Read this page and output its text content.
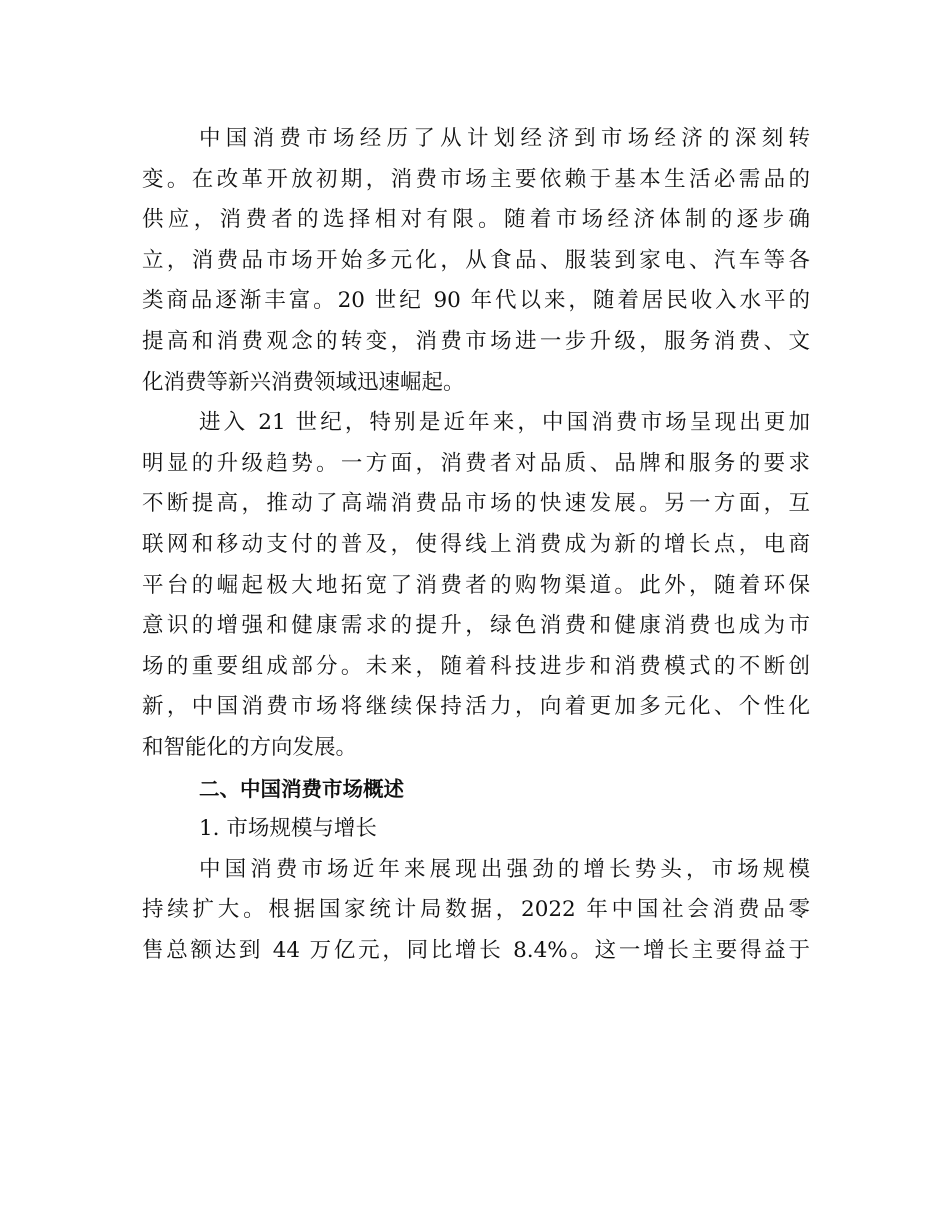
中国消费市场经历了从计划经济到市场经济的深刻转
变。在改革开放初期，消费市场主要依赖于基本生活必需品的
供应，消费者的选择相对有限。随着市场经济体制的逐步确
立，消费品市场开始多元化，从食品、服装到家电、汽车等各
类商品逐渐丰富。20 世纪 90 年代以来，随着居民收入水平的
提高和消费观念的转变，消费市场进一步升级，服务消费、文
化消费等新兴消费领域迅速崛起。
进入 21 世纪，特别是近年来，中国消费市场呈现出更加
明显的升级趋势。一方面，消费者对品质、品牌和服务的要求
不断提高，推动了高端消费品市场的快速发展。另一方面，互
联网和移动支付的普及，使得线上消费成为新的增长点，电商
平台的崛起极大地拓宽了消费者的购物渠道。此外，随着环保
意识的增强和健康需求的提升，绿色消费和健康消费也成为市
场的重要组成部分。未来，随着科技进步和消费模式的不断创
新，中国消费市场将继续保持活力，向着更加多元化、个性化
和智能化的方向发展。
二、中国消费市场概述
1. 市场规模与增长
中国消费市场近年来展现出强劲的增长势头，市场规模
持续扩大。根据国家统计局数据，2022 年中国社会消费品零
售总额达到 44 万亿元，同比增长 8.4%。这一增长主要得益于
